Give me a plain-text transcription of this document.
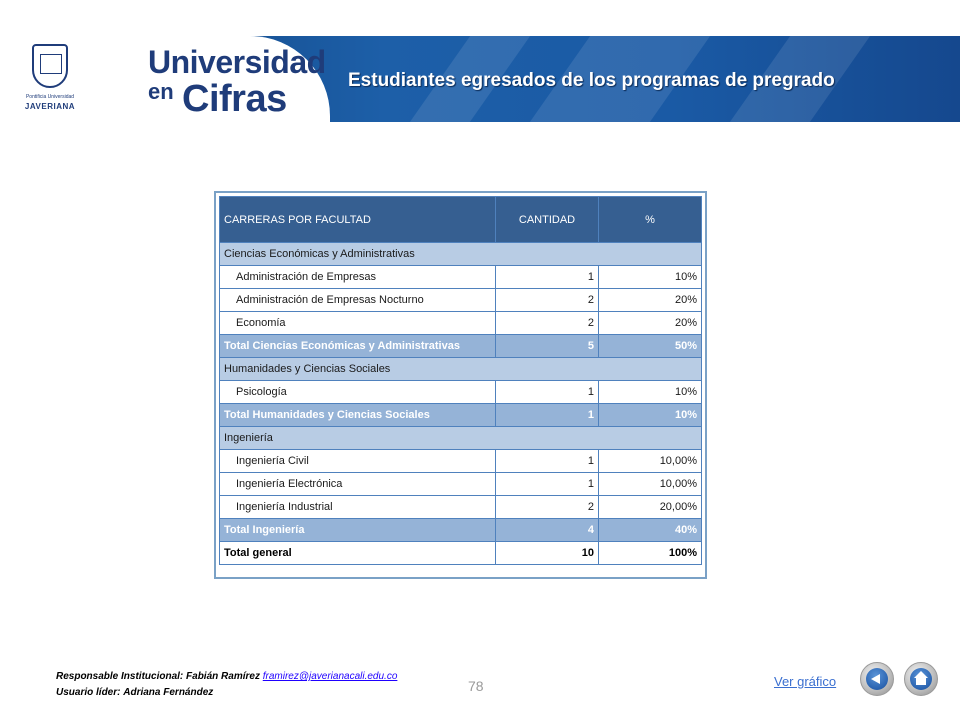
Pontificia Universidad
JAVERIANA
Universidad
en Cifras	Estudiantes egresados de los programas de pregrado
CARRERAS POR FACULTAD	CANTIDAD	%
Ciencias Económicas y Administrativas		
Administración de Empresas	1	10%
Administración de Empresas Nocturno	2	20%
Economía	2	20%
Total Ciencias Económicas y Administrativas	5	50%
Humanidades y Ciencias Sociales		
Psicología	1	10%
Total Humanidades y Ciencias Sociales	1	10%
Ingeniería		
Ingeniería Civil	1	10,00%
Ingeniería Electrónica	1	10,00%
Ingeniería Industrial	2	20,00%
Total Ingeniería	4	40%
Total general	10	100%
Responsable Institucional: Fabián Ramírez framirez@javerianacali.edu.co
Usuario líder: Adriana Fernández	78	Ver gráfico
